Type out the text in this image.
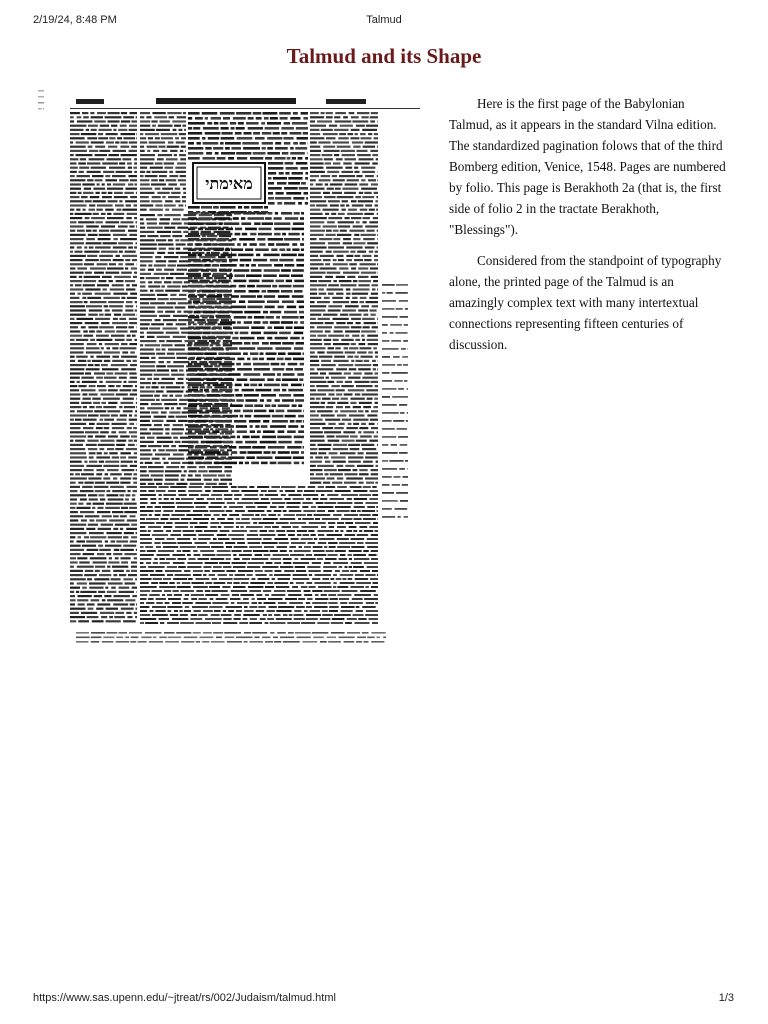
2/19/24, 8:48 PM	Talmud
Talmud and its Shape
מאימתי

Here is the first page of the Babylonian Talmud, as it appears in the standard Vilna edition. The standardized pagination folows that of the third Bomberg edition, Venice, 1548. Pages are numbered by folio. This page is Berakhoth 2a (that is, the first side of folio 2 in the tractate Berakhoth, "Blessings").

Considered from the standpoint of typography alone, the printed page of the Talmud is an amazingly complex text with many intertextual connections representing fifteen centuries of discussion.

https://www.sas.upenn.edu/~jtreat/rs/002/Judaism/talmud.html	1/3
